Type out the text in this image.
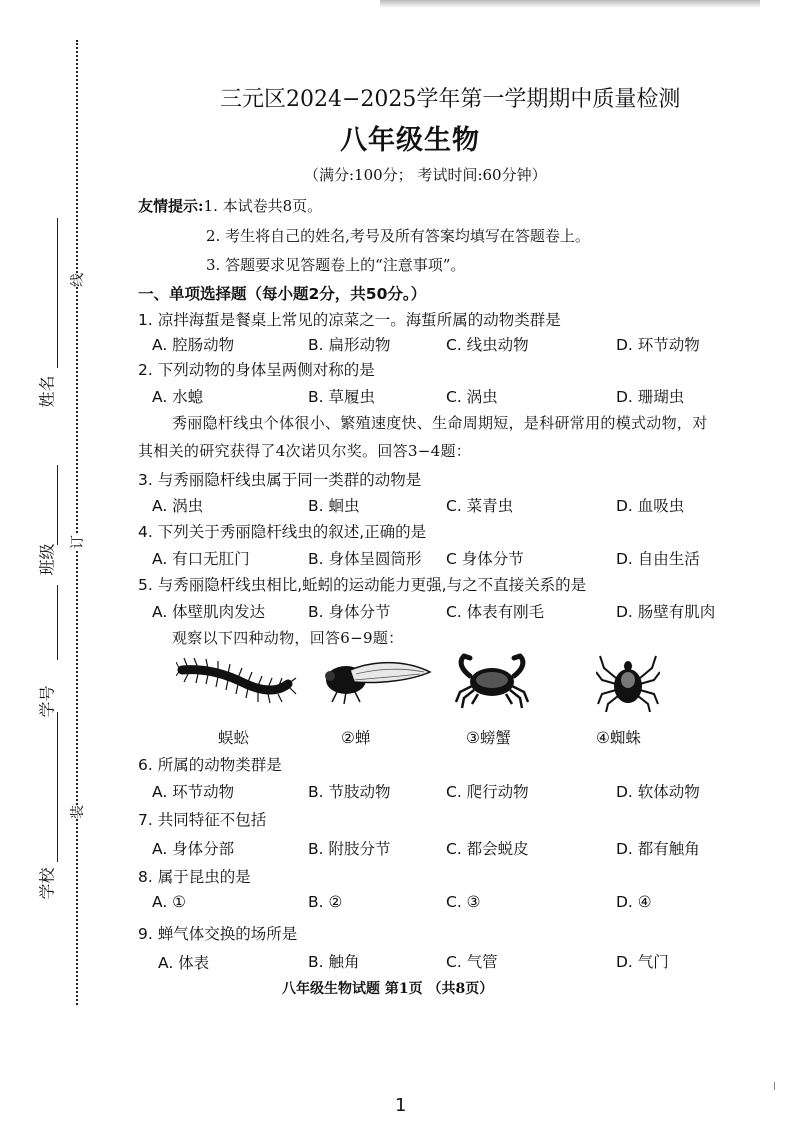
姓名
班级
学号
学校
线
订
装
三元区2024−2025学年第一学期期中质量检测
八年级生物
（满分:100分； 考试时间:60分钟）
友情提示:1. 本试卷共8页。
2. 考生将自己的姓名,考号及所有答案均填写在答题卷上。
3. 答题要求见答题卷上的“注意事项”。
一、单项选择题（每小题2分，共50分。）
1. 凉拌海蜇是餐桌上常见的凉菜之一。海蜇所属的动物类群是
A. 腔肠动物	B. 扁形动物	C. 线虫动物	D. 环节动物
2. 下列动物的身体呈两侧对称的是
A. 水螅	B. 草履虫	C. 涡虫	D. 珊瑚虫
秀丽隐杆线虫个体很小、繁殖速度快、生命周期短，是科研常用的模式动物，对
其相关的研究获得了4次诺贝尔奖。回答3−4题：
3. 与秀丽隐杆线虫属于同一类群的动物是
A. 涡虫	B. 蛔虫	C. 菜青虫	D. 血吸虫
4. 下列关于秀丽隐杆线虫的叙述,正确的是
A. 有口无肛门	B. 身体呈圆筒形 C 身体分节	D. 自由生活
5. 与秀丽隐杆线虫相比,蚯蚓的运动能力更强,与之不直接关系的是
A. 体壁肌肉发达	B. 身体分节	C. 体表有刚毛	D. 肠壁有肌肉
观察以下四种动物，回答6−9题：
蜈蚣	②蝉	③螃蟹	④蜘蛛
6. 所属的动物类群是
A. 环节动物	B. 节肢动物	C. 爬行动物	D. 软体动物
7. 共同特征不包括
A. 身体分部	B. 附肢分节	C. 都会蜕皮	D. 都有触角
8. 属于昆虫的是
A. ①	B. ②	C. ③	D. ④
9. 蝉气体交换的场所是
A. 体表	B. 触角	C. 气管	D. 气门
八年级生物试题 第1页 （共8页）
1
